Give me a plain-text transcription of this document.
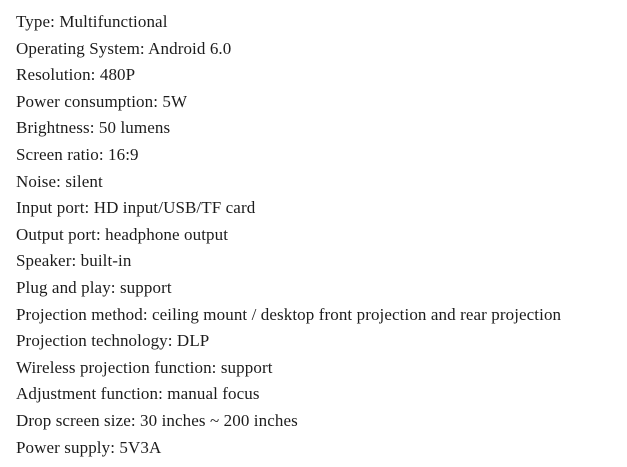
Type: Multifunctional

Operating System: Android 6.0

Resolution: 480P

Power consumption: 5W

Brightness: 50 lumens

Screen ratio: 16:9

Noise: silent

Input port: HD input/USB/TF card

Output port: headphone output

Speaker: built-in

Plug and play: support

Projection method: ceiling mount / desktop front projection and rear projection

Projection technology: DLP

Wireless projection function: support

Adjustment function: manual focus

Drop screen size: 30 inches ~ 200 inches

Power supply: 5V3A
